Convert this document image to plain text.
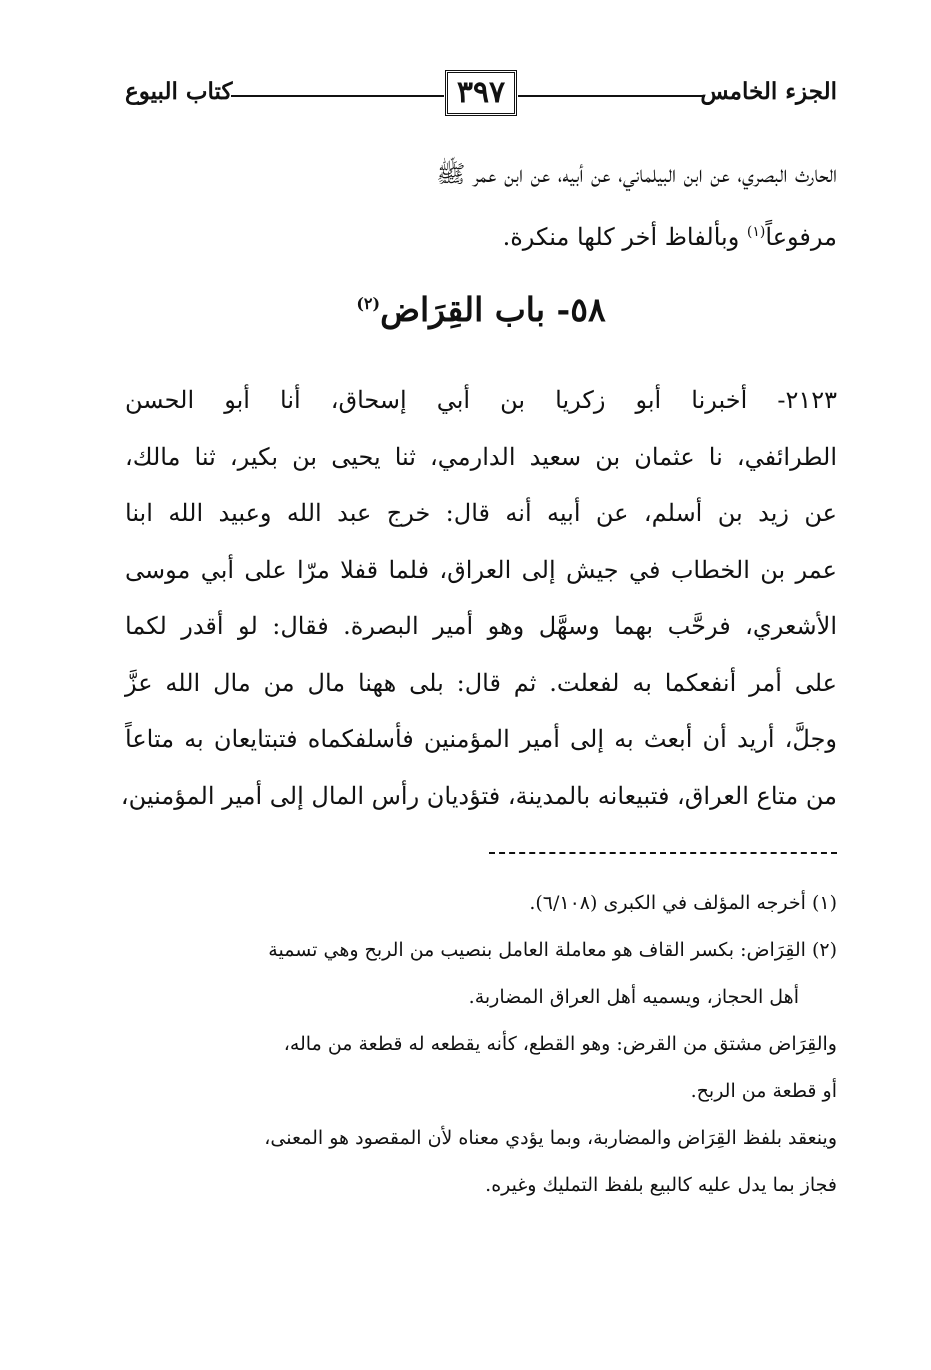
الجزء الخامس
٣٩٧
كتاب البيوع
الحارث البصري، عن ابن البيلماني، عن أبيه، عن ابن عمر ﷺ
مرفوعاً$^{(١)}$ وبألفاظ أخر كلها منكرة.
٥٨- باب القِرَاض$^{(٢)}$
٢١٢٣- أخبرنا أبو زكريا بن أبي إسحاق، أنا أبو الحسن
الطرائفي، نا عثمان بن سعيد الدارمي، ثنا يحيى بن بكير، ثنا مالك،
عن زيد بن أسلم، عن أبيه أنه قال: خرج عبد الله وعبيد الله ابنا
عمر بن الخطاب في جيش إلى العراق، فلما قفلا مرّا على أبي موسى
الأشعري، فرحَّب بهما وسهَّل وهو أمير البصرة. فقال: لو أقدر لكما
على أمر أنفعكما به لفعلت. ثم قال: بلى ههنا مال من مال الله عزَّ
وجلَّ، أريد أن أبعث به إلى أمير المؤمنين فأسلفكماه فتبتايعان به متاعاً
من متاع العراق، فتبيعانه بالمدينة، فتؤديان رأس المال إلى أمير المؤمنين،
(١) أخرجه المؤلف في الكبرى (٦/١٠٨).
(٢) القِرَاض: بكسر القاف هو معاملة العامل بنصيب من الربح وهي تسمية
أهل الحجاز، ويسميه أهل العراق المضاربة.
والقِرَاض مشتق من القرض: وهو القطع، كأنه يقطعه له قطعة من ماله،
أو قطعة من الربح.
وينعقد بلفظ القِرَاض والمضاربة، وبما يؤدي معناه لأن المقصود هو المعنى،
فجاز بما يدل عليه كالبيع بلفظ التمليك وغيره.
